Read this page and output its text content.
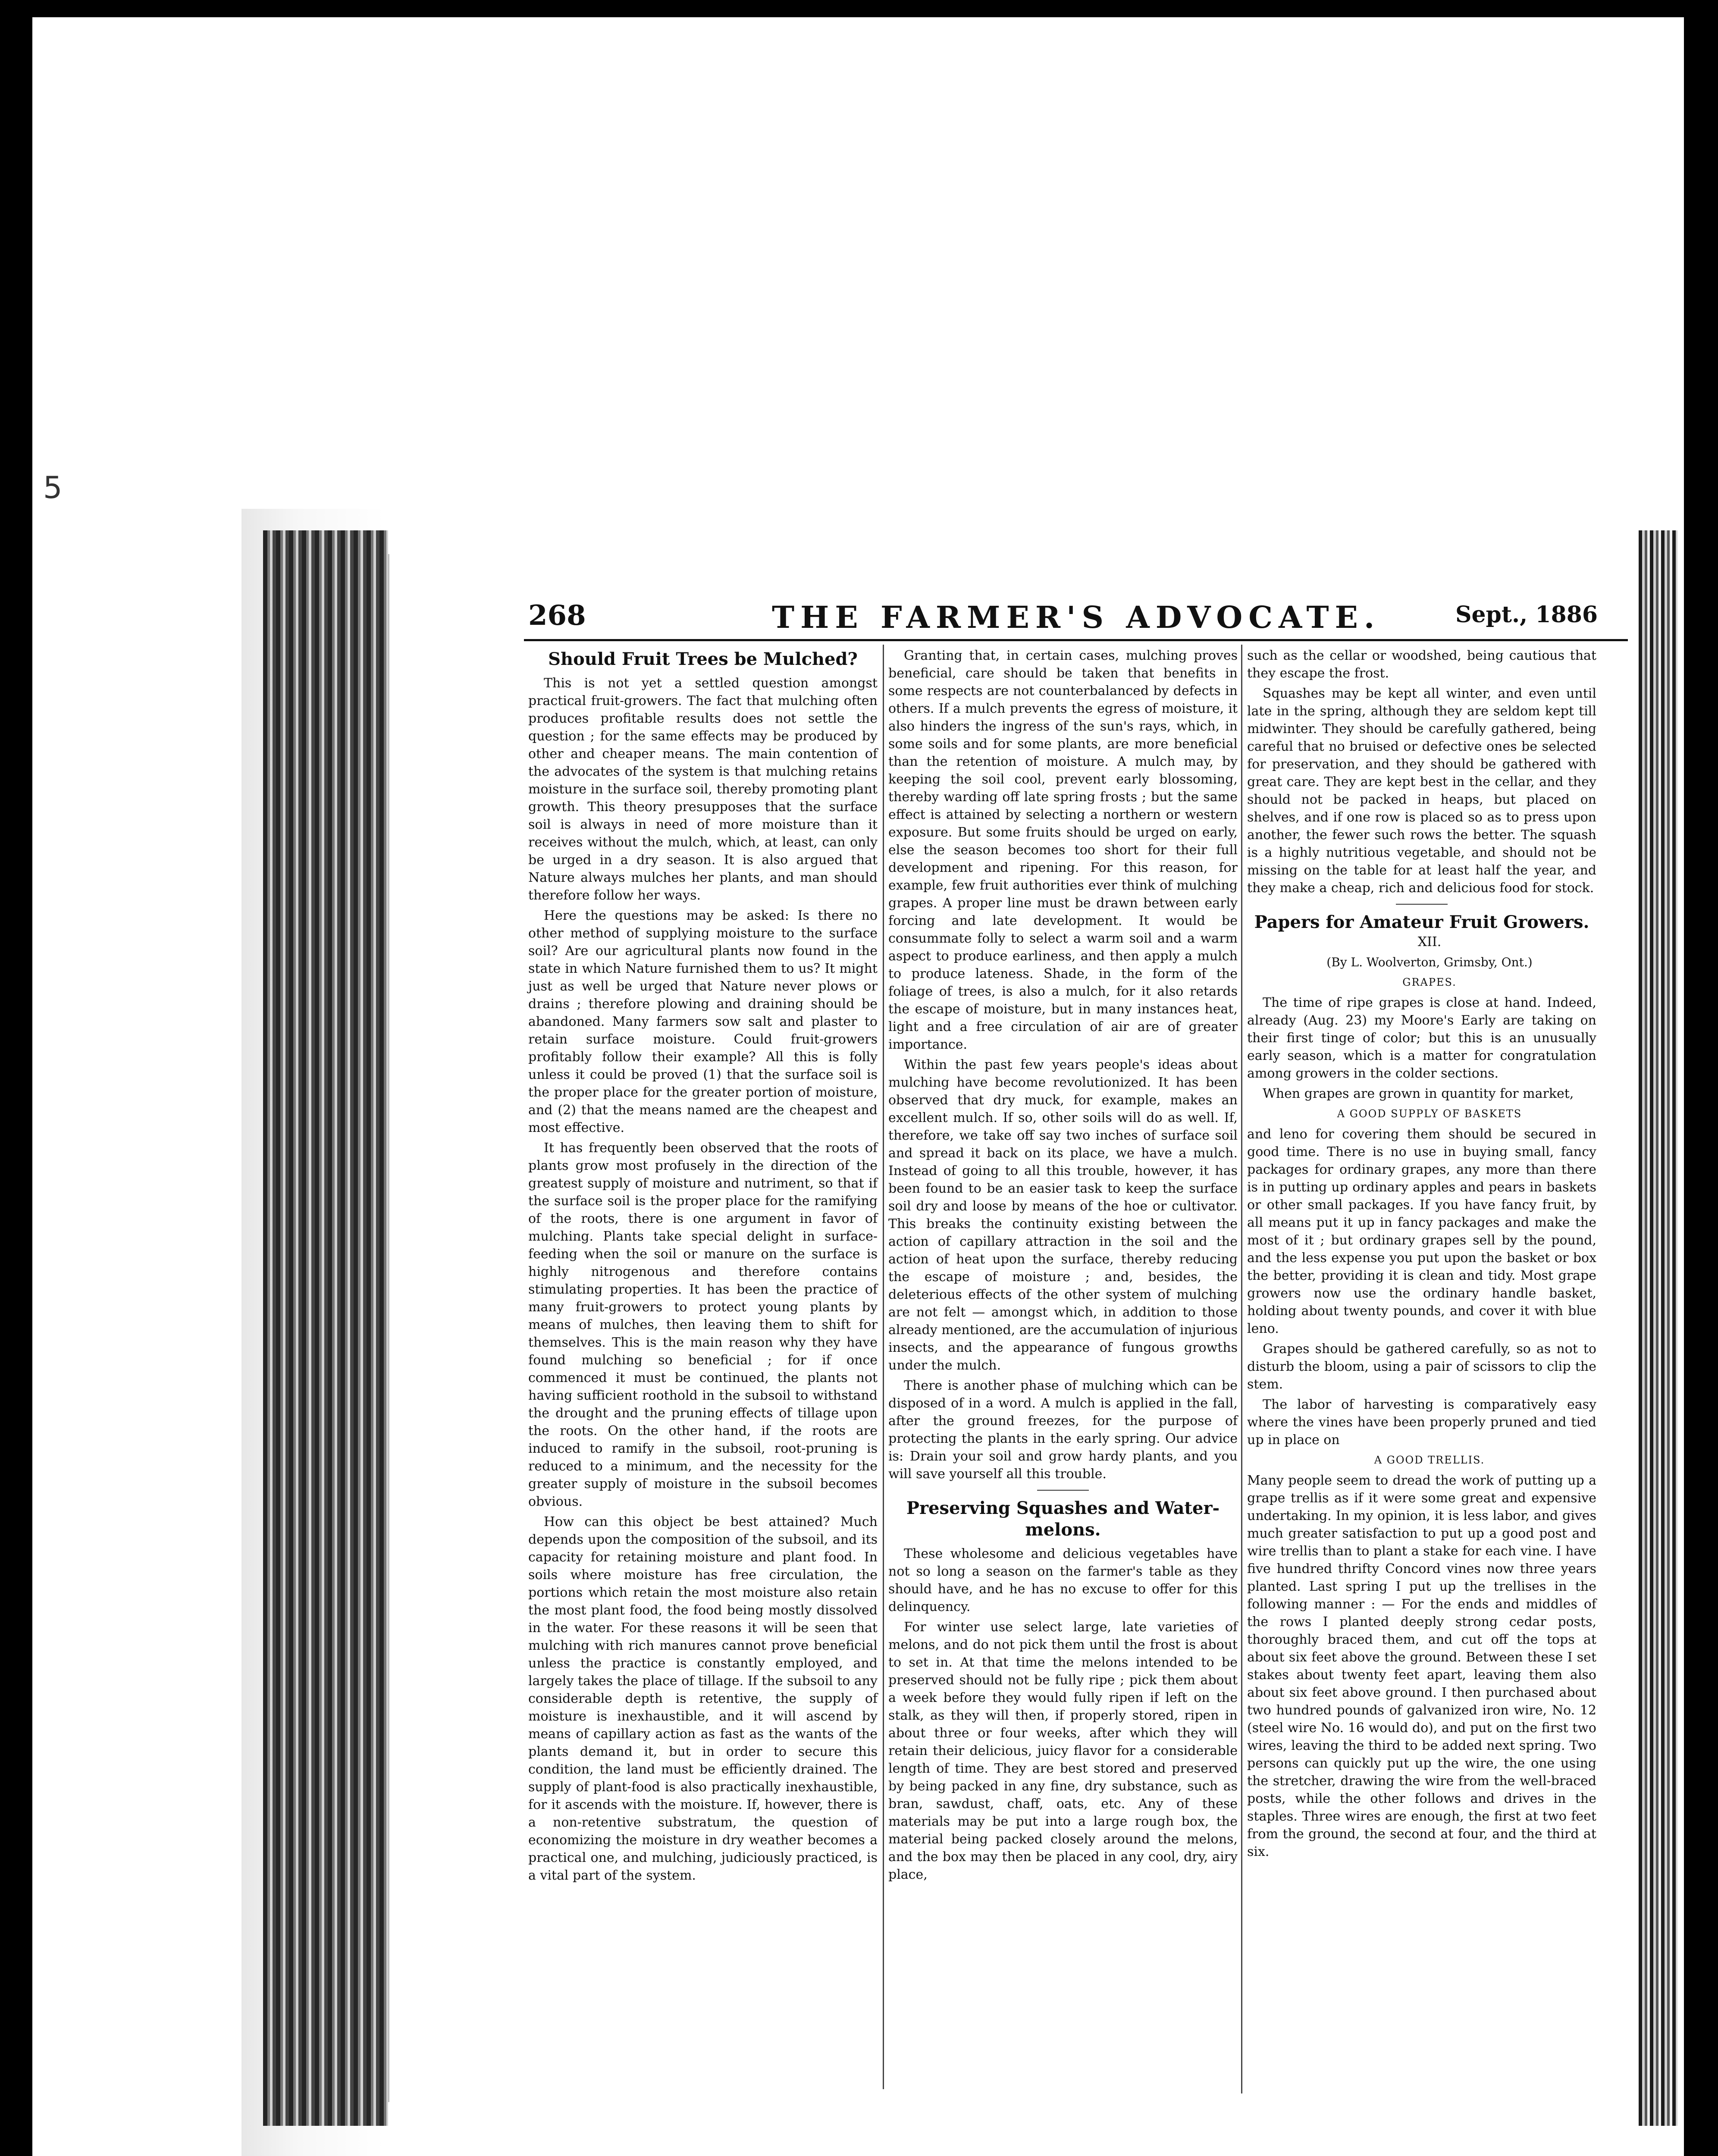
5
268	THE FARMER'S ADVOCATE.	Sept., 1886
Should Fruit Trees be Mulched?

This is not yet a settled question amongst practical fruit-growers. The fact that mulching often produces profitable results does not settle the question ; for the same effects may be produced by other and cheaper means. The main contention of the advocates of the system is that mulching retains moisture in the surface soil, thereby promoting plant growth. This theory presupposes that the surface soil is always in need of more moisture than it receives without the mulch, which, at least, can only be urged in a dry season. It is also argued that Nature always mulches her plants, and man should therefore follow her ways.

Here the questions may be asked: Is there no other method of supplying moisture to the surface soil? Are our agricultural plants now found in the state in which Nature furnished them to us? It might just as well be urged that Nature never plows or drains ; therefore plowing and draining should be abandoned. Many farmers sow salt and plaster to retain surface moisture. Could fruit-growers profitably follow their example? All this is folly unless it could be proved (1) that the surface soil is the proper place for the greater portion of moisture, and (2) that the means named are the cheapest and most effective.

It has frequently been observed that the roots of plants grow most profusely in the direction of the greatest supply of moisture and nutriment, so that if the surface soil is the proper place for the ramifying of the roots, there is one argument in favor of mulching. Plants take special delight in surface-feeding when the soil or manure on the surface is highly nitrogenous and therefore contains stimulating properties. It has been the practice of many fruit-growers to protect young plants by means of mulches, then leaving them to shift for themselves. This is the main reason why they have found mulching so beneficial ; for if once commenced it must be continued, the plants not having sufficient roothold in the subsoil to withstand the drought and the pruning effects of tillage upon the roots. On the other hand, if the roots are induced to ramify in the subsoil, root-pruning is reduced to a minimum, and the necessity for the greater supply of moisture in the subsoil becomes obvious.

How can this object be best attained? Much depends upon the composition of the subsoil, and its capacity for retaining moisture and plant food. In soils where moisture has free circulation, the portions which retain the most moisture also retain the most plant food, the food being mostly dissolved in the water. For these reasons it will be seen that mulching with rich manures cannot prove beneficial unless the practice is constantly employed, and largely takes the place of tillage. If the subsoil to any considerable depth is retentive, the supply of moisture is inexhaustible, and it will ascend by means of capillary action as fast as the wants of the plants demand it, but in order to secure this condition, the land must be efficiently drained. The supply of plant-food is also practically inexhaustible, for it ascends with the moisture. If, however, there is a non-retentive substratum, the question of economizing the moisture in dry weather becomes a practical one, and mulching, judiciously practiced, is a vital part of the system.

Granting that, in certain cases, mulching proves beneficial, care should be taken that benefits in some respects are not counterbalanced by defects in others. If a mulch prevents the egress of moisture, it also hinders the ingress of the sun's rays, which, in some soils and for some plants, are more beneficial than the retention of moisture. A mulch may, by keeping the soil cool, prevent early blossoming, thereby warding off late spring frosts ; but the same effect is attained by selecting a northern or western exposure. But some fruits should be urged on early, else the season becomes too short for their full development and ripening. For this reason, for example, few fruit authorities ever think of mulching grapes. A proper line must be drawn between early forcing and late development. It would be consummate folly to select a warm soil and a warm aspect to produce earliness, and then apply a mulch to produce lateness. Shade, in the form of the foliage of trees, is also a mulch, for it also retards the escape of moisture, but in many instances heat, light and a free circulation of air are of greater importance.

Within the past few years people's ideas about mulching have become revolutionized. It has been observed that dry muck, for example, makes an excellent mulch. If so, other soils will do as well. If, therefore, we take off say two inches of surface soil and spread it back on its place, we have a mulch. Instead of going to all this trouble, however, it has been found to be an easier task to keep the surface soil dry and loose by means of the hoe or cultivator. This breaks the continuity existing between the action of capillary attraction in the soil and the action of heat upon the surface, thereby reducing the escape of moisture ; and, besides, the deleterious effects of the other system of mulching are not felt — amongst which, in addition to those already mentioned, are the accumulation of injurious insects, and the appearance of fungous growths under the mulch.

There is another phase of mulching which can be disposed of in a word. A mulch is applied in the fall, after the ground freezes, for the purpose of protecting the plants in the early spring. Our advice is: Drain your soil and grow hardy plants, and you will save yourself all this trouble.

Preserving Squashes and Water-melons.

These wholesome and delicious vegetables have not so long a season on the farmer's table as they should have, and he has no excuse to offer for this delinquency.

For winter use select large, late varieties of melons, and do not pick them until the frost is about to set in. At that time the melons intended to be preserved should not be fully ripe ; pick them about a week before they would fully ripen if left on the stalk, as they will then, if properly stored, ripen in about three or four weeks, after which they will retain their delicious, juicy flavor for a considerable length of time. They are best stored and preserved by being packed in any fine, dry substance, such as bran, sawdust, chaff, oats, etc. Any of these materials may be put into a large rough box, the material being packed closely around the melons, and the box may then be placed in any cool, dry, airy place,

such as the cellar or woodshed, being cautious that they escape the frost.

Squashes may be kept all winter, and even until late in the spring, although they are seldom kept till midwinter. They should be carefully gathered, being careful that no bruised or defective ones be selected for preservation, and they should be gathered with great care. They are kept best in the cellar, and they should not be packed in heaps, but placed on shelves, and if one row is placed so as to press upon another, the fewer such rows the better. The squash is a highly nutritious vegetable, and should not be missing on the table for at least half the year, and they make a cheap, rich and delicious food for stock.

Papers for Amateur Fruit Growers.

XII.

(By L. Woolverton, Grimsby, Ont.)

GRAPES.

The time of ripe grapes is close at hand. Indeed, already (Aug. 23) my Moore's Early are taking on their first tinge of color; but this is an unusually early season, which is a matter for congratulation among growers in the colder sections.

When grapes are grown in quantity for market,

A GOOD SUPPLY OF BASKETS

and leno for covering them should be secured in good time. There is no use in buying small, fancy packages for ordinary grapes, any more than there is in putting up ordinary apples and pears in baskets or other small packages. If you have fancy fruit, by all means put it up in fancy packages and make the most of it ; but ordinary grapes sell by the pound, and the less expense you put upon the basket or box the better, providing it is clean and tidy. Most grape growers now use the ordinary handle basket, holding about twenty pounds, and cover it with blue leno.

Grapes should be gathered carefully, so as not to disturb the bloom, using a pair of scissors to clip the stem.

The labor of harvesting is comparatively easy where the vines have been properly pruned and tied up in place on

A GOOD TRELLIS.

Many people seem to dread the work of putting up a grape trellis as if it were some great and expensive undertaking. In my opinion, it is less labor, and gives much greater satisfaction to put up a good post and wire trellis than to plant a stake for each vine. I have five hundred thrifty Concord vines now three years planted. Last spring I put up the trellises in the following manner : — For the ends and middles of the rows I planted deeply strong cedar posts, thoroughly braced them, and cut off the tops at about six feet above the ground. Between these I set stakes about twenty feet apart, leaving them also about six feet above ground. I then purchased about two hundred pounds of galvanized iron wire, No. 12 (steel wire No. 16 would do), and put on the first two wires, leaving the third to be added next spring. Two persons can quickly put up the wire, the one using the stretcher, drawing the wire from the well-braced posts, while the other follows and drives in the staples. Three wires are enough, the first at two feet from the ground, the second at four, and the third at six.
